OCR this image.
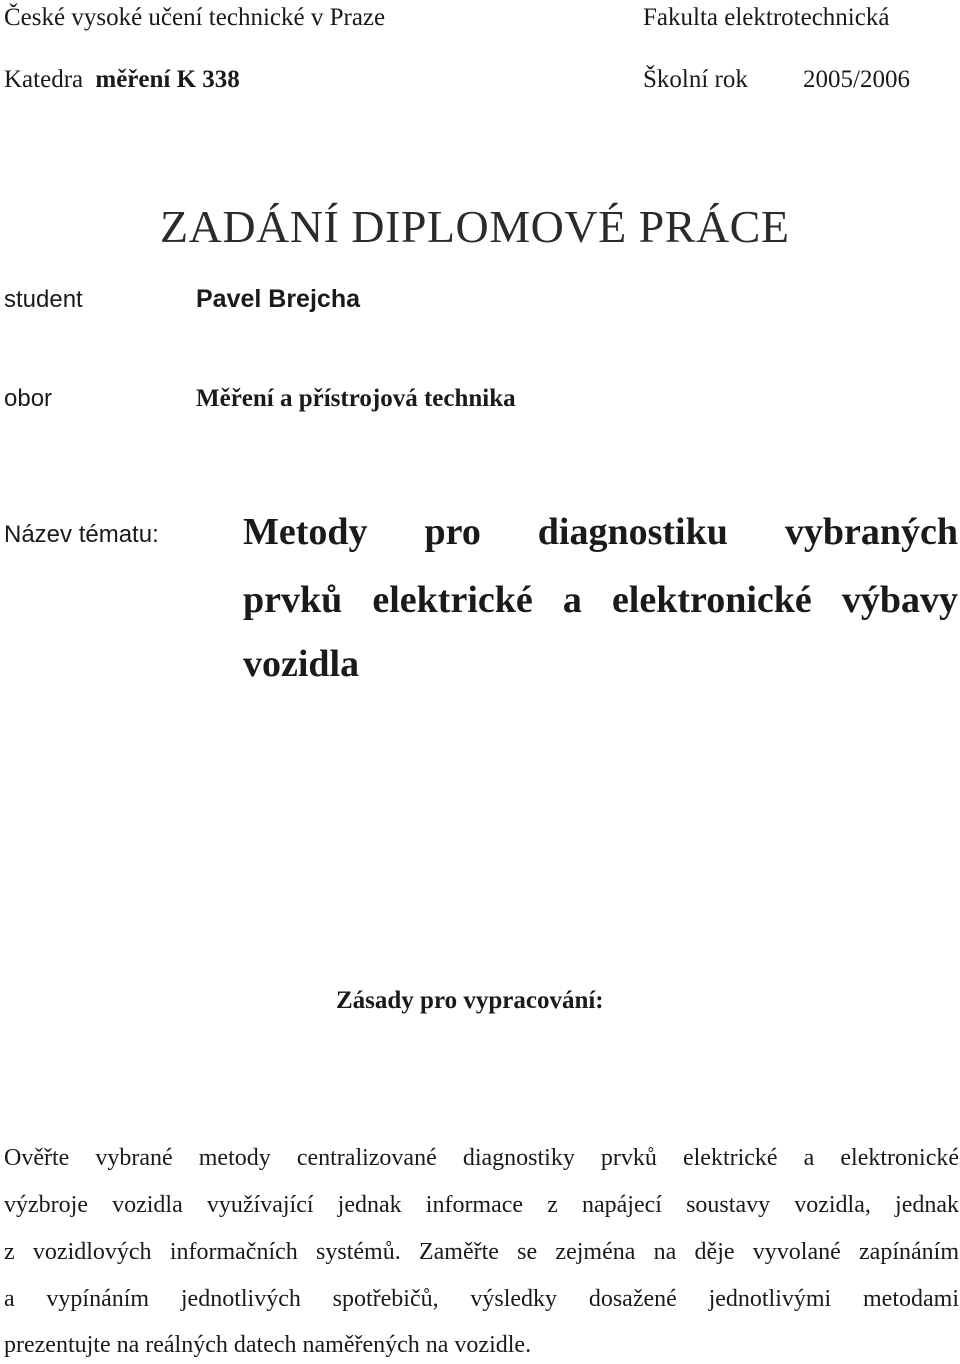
České vysoké učení technické v Praze	Fakulta elektrotechnická
Katedra měření K 338	Školní rok 2005/2006
ZADÁNÍ DIPLOMOVÉ PRÁCE
student	Pavel Brejcha
obor	Měření a přístrojová technika
Název tématu: Metody pro diagnostiku vybraných
prvků elektrické a elektronické výbavy
vozidla
Zásady pro vypracování:
Ověřte vybrané metody centralizované diagnostiky prvků elektrické a elektronické
výzbroje vozidla využívající jednak informace z napájecí soustavy vozidla, jednak
z vozidlových informačních systémů. Zaměřte se zejména na děje vyvolané zapínáním
a vypínáním jednotlivých spotřebičů, výsledky dosažené jednotlivými metodami
prezentujte na reálných datech naměřených na vozidle.
